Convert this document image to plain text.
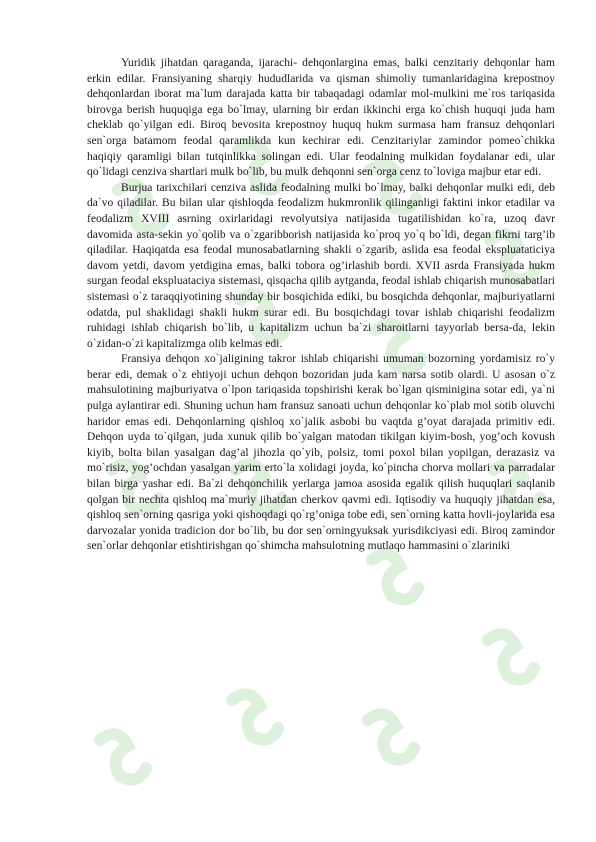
Yuridik jihatdan qaraganda, ijarachi- dehqonlargina emas, balki cenzitariy dehqonlar ham erkin edilar. Fransiyaning sharqiy hududlarida va qisman shimoliy tumanlaridagina krepostnoy dehqonlardan iborat ma`lum darajada katta bir tabaqadagi odamlar mol-mulkini me`ros tariqasida birovga berish huquqiga ega bo`lmay, ularning bir erdan ikkinchi erga ko`chish huquqi juda ham cheklab qo`yilgan edi. Biroq bevosita krepostnoy huquq hukm surmasa ham fransuz dehqonlari sen`orga batamom feodal qaramlikda kun kechirar edi. Cenzitariylar zamindor pomeo`chikka haqiqiy qaramligi bilan tutqinlikka solingan edi. Ular feodalning mulkidan foydalanar edi, ular qo`lidagi cenziva shartlari mulk bo`lib, bu mulk dehqonni sen`orga cenz to`loviga majbur etar edi.

Burjua tarixchilari cenziva aslida feodalning mulki bo`lmay, balki dehqonlar mulki edi, deb da`vo qiladilar. Bu bilan ular qishloqda feodalizm hukmronlik qilinganligi faktini inkor etadilar va feodalizm XVIII asrning oxirlaridagi revolyutsiya natijasida tugatilishidan ko`ra, uzoq davr davomida asta-sekin yo`qolib va o`zgaribborish natijasida ko`proq yo`q bo`ldi, degan fikrni targ’ib qiladilar. Haqiqatda esa feodal munosabatlarning shakli o`zgarib, aslida esa feodal ekspluataticiya davom yetdi, davom yetdigina emas, balki tobora og’irlashib bordi. XVII asrda Fransiyada hukm surgan feodal ekspluataciya sistemasi, qisqacha qilib aytganda, feodal ishlab chiqarish munosabatlari sistemasi o`z taraqqiyotining shunday bir bosqichida ediki, bu bosqichda dehqonlar, majburiyatlarni odatda, pul shaklidagi shakli hukm surar edi. Bu bosqichdagi tovar ishlab chiqarishi feodalizm ruhidagi ishlab chiqarish bo`lib, u kapitalizm uchun ba`zi sharoitlarni tayyorlab bersa-da, lekin o`zidan-o`zi kapitalizmga olib kelmas edi.

Fransiya dehqon xo`jaligining takror ishlab chiqarishi umuman bozorning yordamisiz ro`y berar edi, demak o`z ehtiyoji uchun dehqon bozoridan juda kam narsa sotib olardi. U asosan o`z mahsulotining majburiyatva o`lpon tariqasida topshirishi kerak bo`lgan qisminigina sotar edi, ya`ni pulga aylantirar edi. Shuning uchun ham fransuz sanoati uchun dehqonlar ko`plab mol sotib oluvchi haridor emas edi. Dehqonlarning qishloq xo`jalik asbobi bu vaqtda g’oyat darajada primitiv edi. Dehqon uyda to`qilgan, juda xunuk qilib bo`yalgan matodan tikilgan kiyim-bosh, yog’och kovush kiyib, bolta bilan yasalgan dag’al jihozla qo`yib, polsiz, tomi poxol bilan yopilgan, derazasiz va mo`risiz, yog’ochdan yasalgan yarim erto`la xolidagi joyda, ko`pincha chorva mollari va parradalar bilan birga yashar edi. Ba`zi dehqonchilik yerlarga jamoa asosida egalik qilish huquqlari saqlanib qolgan bir nechta qishloq ma`muriy jihatdan cherkov qavmi edi. Iqtisodiy va huquqiy jihatdan esa, qishloq sen`orning qasriga yoki qishoqdagi qo`rg’oniga tobe edi, sen`orning katta hovli-joylarida esa darvozalar yonida tradicion dor bo`lib, bu dor sen`orningyuksak yurisdikciyasi edi. Biroq zamindor sen`orlar dehqonlar etishtirishgan qo`shimcha mahsulotning mutlaqo hammasini o`zlariniki
